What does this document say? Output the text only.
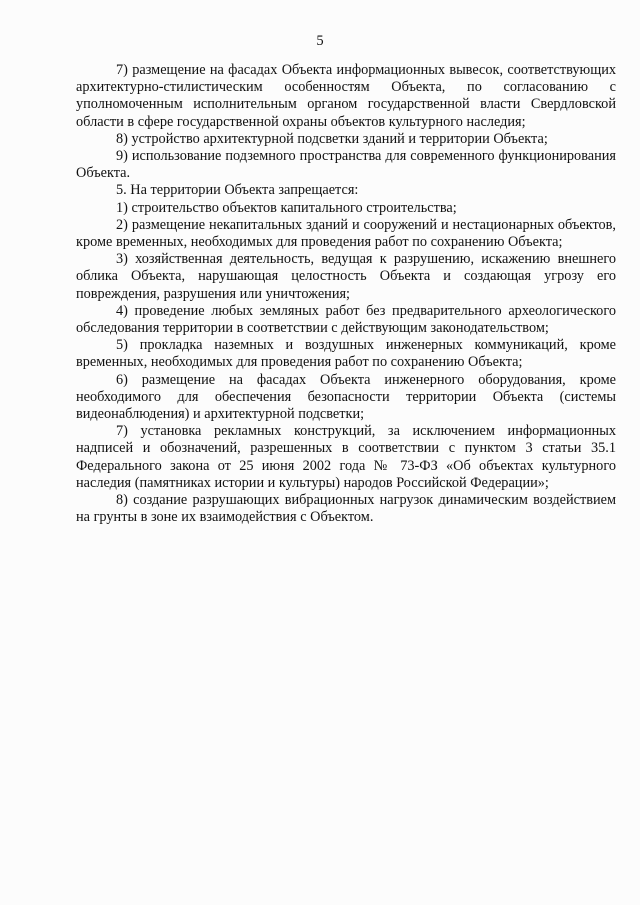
5

7) размещение на фасадах Объекта информационных вывесок, соответствующих архитектурно-стилистическим особенностям Объекта, по согласованию с уполномоченным исполнительным органом государственной власти Свердловской области в сфере государственной охраны объектов культурного наследия;

8) устройство архитектурной подсветки зданий и территории Объекта;

9) использование подземного пространства для современного функционирования Объекта.

5. На территории Объекта запрещается:

1) строительство объектов капитального строительства;

2) размещение некапитальных зданий и сооружений и нестационарных объектов, кроме временных, необходимых для проведения работ по сохранению Объекта;

3) хозяйственная деятельность, ведущая к разрушению, искажению внешнего облика Объекта, нарушающая целостность Объекта и создающая угрозу его повреждения, разрушения или уничтожения;

4) проведение любых земляных работ без предварительного археологического обследования территории в соответствии с действующим законодательством;

5) прокладка наземных и воздушных инженерных коммуникаций, кроме временных, необходимых для проведения работ по сохранению Объекта;

6) размещение на фасадах Объекта инженерного оборудования, кроме необходимого для обеспечения безопасности территории Объекта (системы видеонаблюдения) и архитектурной подсветки;

7) установка рекламных конструкций, за исключением информационных надписей и обозначений, разрешенных в соответствии с пунктом 3 статьи 35.1 Федерального закона от 25 июня 2002 года № 73-ФЗ «Об объектах культурного наследия (памятниках истории и культуры) народов Российской Федерации»;

8) создание разрушающих вибрационных нагрузок динамическим воздействием на грунты в зоне их взаимодействия с Объектом.
